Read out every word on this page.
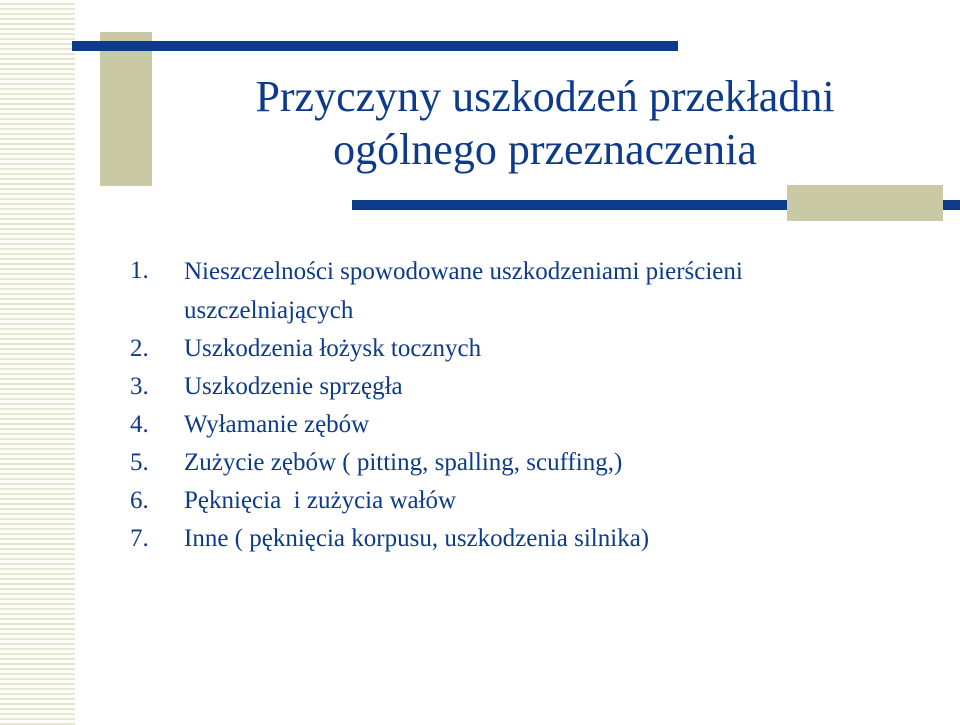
Przyczyny uszkodzeń przekładni
ogólnego przeznaczenia
1.	Nieszczelności spowodowane uszkodzeniami pierścieni
uszczelniających
2.	Uszkodzenia łożysk tocznych
3.	Uszkodzenie sprzęgła
4.	Wyłamanie zębów
5.	Zużycie zębów ( pitting, spalling, scuffing,)
6.	Pęknięcia  i zużycia wałów
7.	Inne ( pęknięcia korpusu, uszkodzenia silnika)
